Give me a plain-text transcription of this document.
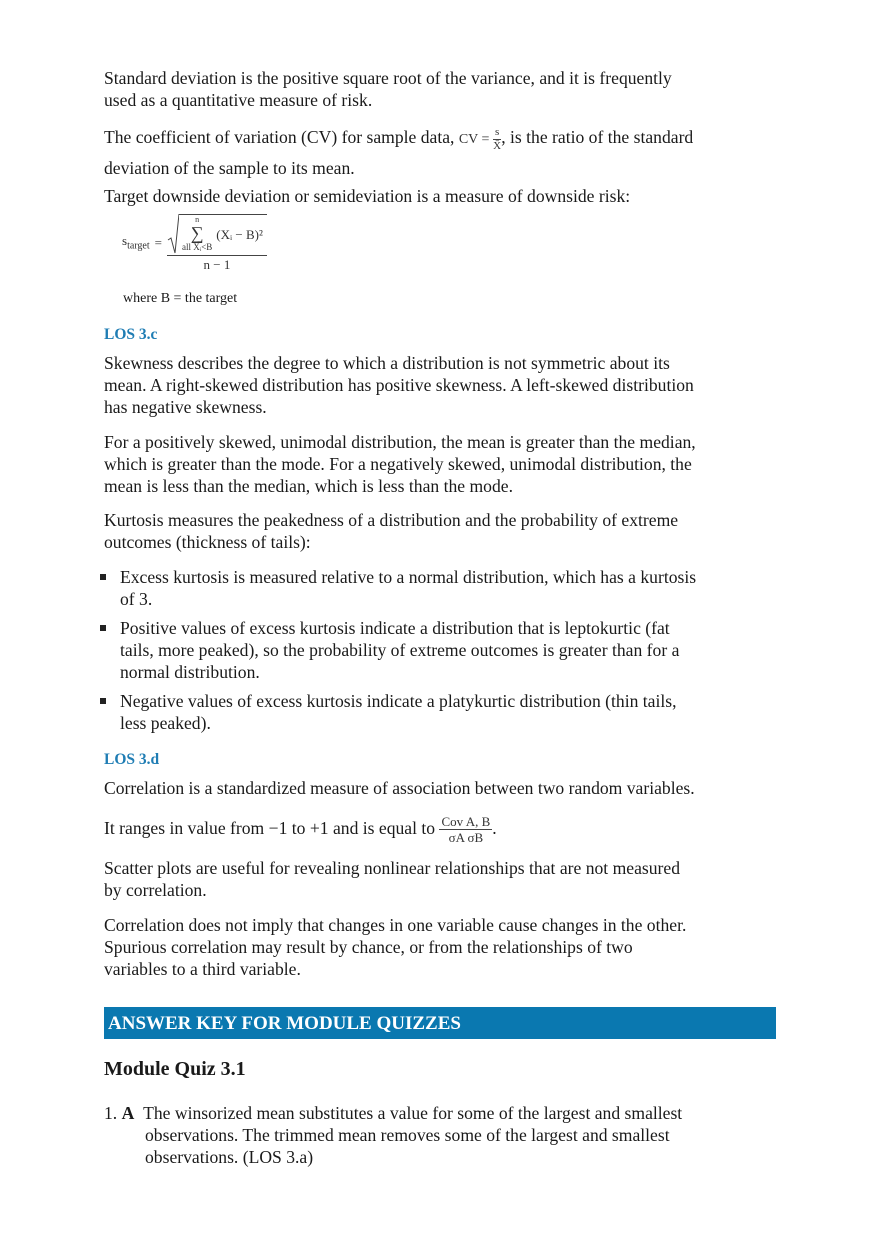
Standard deviation is the positive square root of the variance, and it is frequently
used as a quantitative measure of risk.
The coefficient of variation (CV) for sample data, CV = $\frac{s}{X̄}$ , is the ratio of the standard
deviation of the sample to its mean.
Target downside deviation or semideviation is a measure of downside risk:
$s_{target}$ =
n
∑
all Xᵢ<B
(Xᵢ − B)²
n − 1
where B = the target
LOS 3.c
Skewness describes the degree to which a distribution is not symmetric about its
mean. A right-skewed distribution has positive skewness. A left-skewed distribution
has negative skewness.
For a positively skewed, unimodal distribution, the mean is greater than the median,
which is greater than the mode. For a negatively skewed, unimodal distribution, the
mean is less than the median, which is less than the mode.
Kurtosis measures the peakedness of a distribution and the probability of extreme
outcomes (thickness of tails):
Excess kurtosis is measured relative to a normal distribution, which has a kurtosis
of 3.
Positive values of excess kurtosis indicate a distribution that is leptokurtic (fat
tails, more peaked), so the probability of extreme outcomes is greater than for a
normal distribution.
Negative values of excess kurtosis indicate a platykurtic distribution (thin tails,
less peaked).
LOS 3.d
Correlation is a standardized measure of association between two random variables.
It ranges in value from −1 to +1 and is equal to $\frac{\text{Cov A, B}}{\text{σA σB}}$ .
Scatter plots are useful for revealing nonlinear relationships that are not measured
by correlation.
Correlation does not imply that changes in one variable cause changes in the other.
Spurious correlation may result by chance, or from the relationships of two
variables to a third variable.
ANSWER KEY FOR MODULE QUIZZES
Module Quiz 3.1
1. A The winsorized mean substitutes a value for some of the largest and smallest
observations. The trimmed mean removes some of the largest and smallest
observations. (LOS 3.a)
